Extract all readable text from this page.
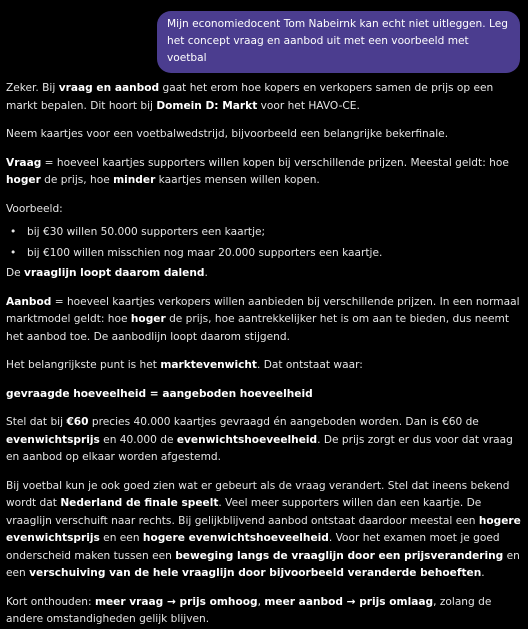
Mijn economiedocent Tom Nabeirnk kan echt niet uitleggen. Leg het concept vraag en aanbod uit met een voorbeeld met voetbal

Zeker. Bij vraag en aanbod gaat het erom hoe kopers en verkopers samen de prijs op een markt bepalen. Dit hoort bij Domein D: Markt voor het HAVO-CE.

Neem kaartjes voor een voetbalwedstrijd, bijvoorbeeld een belangrijke bekerfinale.

Vraag = hoeveel kaartjes supporters willen kopen bij verschillende prijzen. Meestal geldt: hoe hoger de prijs, hoe minder kaartjes mensen willen kopen.

Voorbeeld:

• bij €30 willen 50.000 supporters een kaartje;
• bij €100 willen misschien nog maar 20.000 supporters een kaartje.

De vraaglijn loopt daarom dalend.

Aanbod = hoeveel kaartjes verkopers willen aanbieden bij verschillende prijzen. In een normaal marktmodel geldt: hoe hoger de prijs, hoe aantrekkelijker het is om aan te bieden, dus neemt het aanbod toe. De aanbodlijn loopt daarom stijgend.

Het belangrijkste punt is het marktevenwicht. Dat ontstaat waar:

gevraagde hoeveelheid = aangeboden hoeveelheid

Stel dat bij €60 precies 40.000 kaartjes gevraagd én aangeboden worden. Dan is €60 de evenwichtsprijs en 40.000 de evenwichtshoeveelheid. De prijs zorgt er dus voor dat vraag en aanbod op elkaar worden afgestemd.

Bij voetbal kun je ook goed zien wat er gebeurt als de vraag verandert. Stel dat ineens bekend wordt dat Nederland de finale speelt. Veel meer supporters willen dan een kaartje. De vraaglijn verschuift naar rechts. Bij gelijkblijvend aanbod ontstaat daardoor meestal een hogere evenwichtsprijs en een hogere evenwichtshoeveelheid. Voor het examen moet je goed onderscheid maken tussen een beweging langs de vraaglijn door een prijsverandering en een verschuiving van de hele vraaglijn door bijvoorbeeld veranderde behoeften.

Kort onthouden: meer vraag → prijs omhoog, meer aanbod → prijs omlaag, zolang de andere omstandigheden gelijk blijven.
